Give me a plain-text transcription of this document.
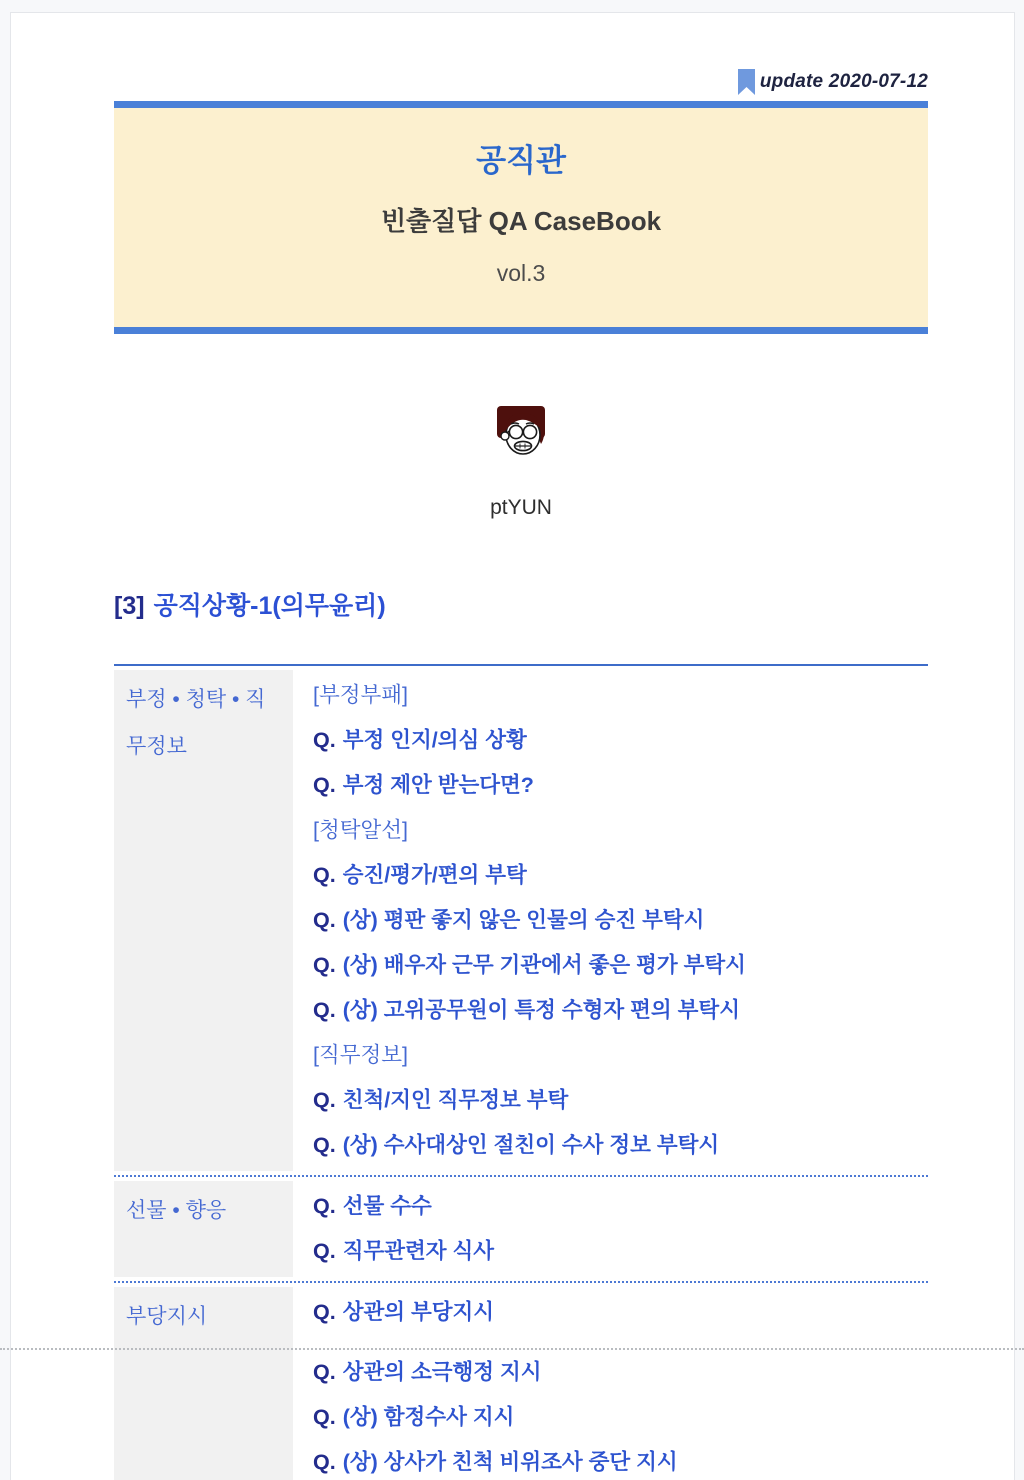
update 2020-07-12
공직관
빈출질답 QA CaseBook
vol.3
ptYUN
[3] 공직상황-1(의무윤리)
부정 • 청탁 • 직무정보

[부정부패]

Q. 부정 인지/의심 상황

Q. 부정 제안 받는다면?

[청탁알선]

Q. 승진/평가/편의 부탁

Q. (상) 평판 좋지 않은 인물의 승진 부탁시

Q. (상) 배우자 근무 기관에서 좋은 평가 부탁시

Q. (상) 고위공무원이 특정 수형자 편의 부탁시

[직무정보]

Q. 친척/지인 직무정보 부탁

Q. (상) 수사대상인 절친이 수사 정보 부탁시

선물 • 향응	Q. 선물 수수

Q. 직무관련자 식사

부당지시	Q. 상관의 부당지시

Q. 상관의 소극행정 지시

Q. (상) 함정수사 지시

Q. (상) 상사가 친척 비위조사 중단 지시
